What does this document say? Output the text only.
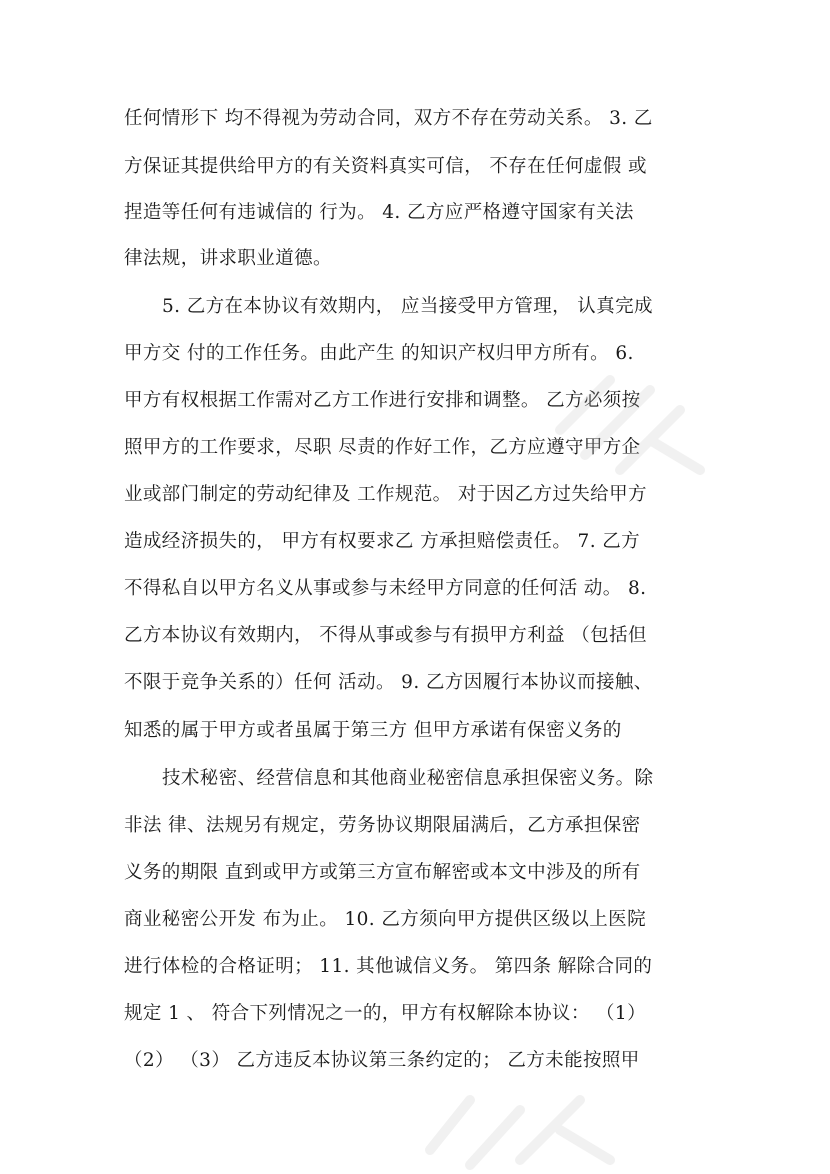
任何情形下 均不得视为劳动合同，双方不存在劳动关系。 3. 乙
方保证其提供给甲方的有关资料真实可信， 不存在任何虚假 或
捏造等任何有违诚信的 行为。 4. 乙方应严格遵守国家有关法
律法规，讲求职业道德。
5. 乙方在本协议有效期内， 应当接受甲方管理， 认真完成
甲方交 付的工作任务。由此产生 的知识产权归甲方所有。 6.
甲方有权根据工作需对乙方工作进行安排和调整。 乙方必须按
照甲方的工作要求，尽职 尽责的作好工作，乙方应遵守甲方企
业或部门制定的劳动纪律及 工作规范。 对于因乙方过失给甲方
造成经济损失的， 甲方有权要求乙 方承担赔偿责任。 7. 乙方
不得私自以甲方名义从事或参与未经甲方同意的任何活 动。 8.
乙方本协议有效期内， 不得从事或参与有损甲方利益 （包括但
不限于竞争关系的）任何 活动。 9. 乙方因履行本协议而接触、
知悉的属于甲方或者虽属于第三方 但甲方承诺有保密义务的
技术秘密、经营信息和其他商业秘密信息承担保密义务。除
非法 律、法规另有规定，劳务协议期限届满后，乙方承担保密
义务的期限 直到或甲方或第三方宣布解密或本文中涉及的所有
商业秘密公开发 布为止。 10. 乙方须向甲方提供区级以上医院
进行体检的合格证明； 11. 其他诚信义务。 第四条 解除合同的
规定 1 、 符合下列情况之一的，甲方有权解除本协议： （1）
（2） （3） 乙方违反本协议第三条约定的； 乙方未能按照甲
